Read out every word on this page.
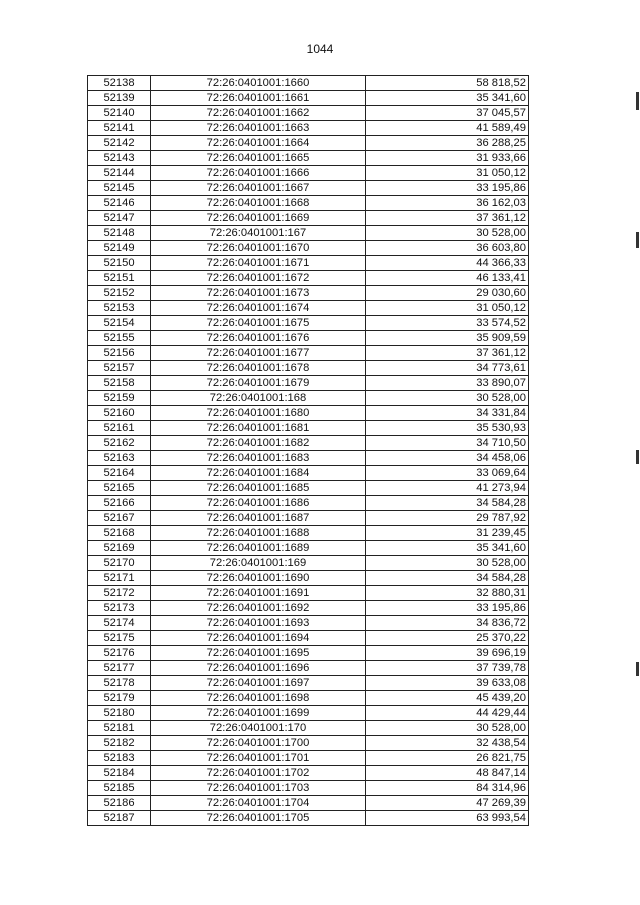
1044
52138	72:26:0401001:1660	58 818,52
52139	72:26:0401001:1661	35 341,60
52140	72:26:0401001:1662	37 045,57
52141	72:26:0401001:1663	41 589,49
52142	72:26:0401001:1664	36 288,25
52143	72:26:0401001:1665	31 933,66
52144	72:26:0401001:1666	31 050,12
52145	72:26:0401001:1667	33 195,86
52146	72:26:0401001:1668	36 162,03
52147	72:26:0401001:1669	37 361,12
52148	72:26:0401001:167	30 528,00
52149	72:26:0401001:1670	36 603,80
52150	72:26:0401001:1671	44 366,33
52151	72:26:0401001:1672	46 133,41
52152	72:26:0401001:1673	29 030,60
52153	72:26:0401001:1674	31 050,12
52154	72:26:0401001:1675	33 574,52
52155	72:26:0401001:1676	35 909,59
52156	72:26:0401001:1677	37 361,12
52157	72:26:0401001:1678	34 773,61
52158	72:26:0401001:1679	33 890,07
52159	72:26:0401001:168	30 528,00
52160	72:26:0401001:1680	34 331,84
52161	72:26:0401001:1681	35 530,93
52162	72:26:0401001:1682	34 710,50
52163	72:26:0401001:1683	34 458,06
52164	72:26:0401001:1684	33 069,64
52165	72:26:0401001:1685	41 273,94
52166	72:26:0401001:1686	34 584,28
52167	72:26:0401001:1687	29 787,92
52168	72:26:0401001:1688	31 239,45
52169	72:26:0401001:1689	35 341,60
52170	72:26:0401001:169	30 528,00
52171	72:26:0401001:1690	34 584,28
52172	72:26:0401001:1691	32 880,31
52173	72:26:0401001:1692	33 195,86
52174	72:26:0401001:1693	34 836,72
52175	72:26:0401001:1694	25 370,22
52176	72:26:0401001:1695	39 696,19
52177	72:26:0401001:1696	37 739,78
52178	72:26:0401001:1697	39 633,08
52179	72:26:0401001:1698	45 439,20
52180	72:26:0401001:1699	44 429,44
52181	72:26:0401001:170	30 528,00
52182	72:26:0401001:1700	32 438,54
52183	72:26:0401001:1701	26 821,75
52184	72:26:0401001:1702	48 847,14
52185	72:26:0401001:1703	84 314,96
52186	72:26:0401001:1704	47 269,39
52187	72:26:0401001:1705	63 993,54
